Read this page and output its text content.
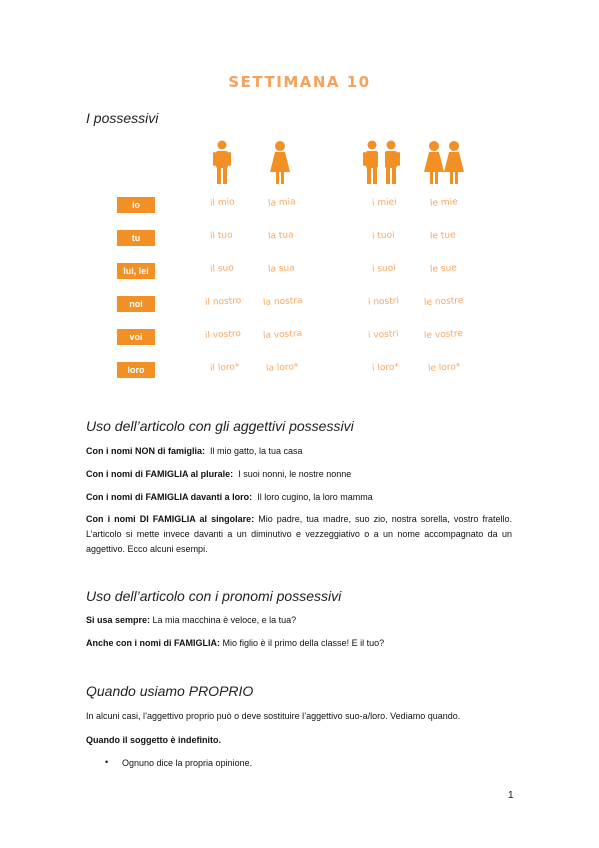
SETTIMANA 10
I possessivi
io
tu
lui, lei
noi
voi
loro
il mio
il tuo
il suo
il nostro
il vostro
il loro*
la mia
la tua
la sua
la nostra
la vostra
la loro*
i miei
i tuoi
i suoi
i nostri
i vostri
i loro*
le mie
le tue
le sue
le nostre
le vostre
le loro*
Uso dell’articolo con gli aggettivi possessivi
Con i nomi NON di famiglia: Il mio gatto, la tua casa
Con i nomi di FAMIGLIA al plurale: I suoi nonni, le nostre nonne
Con i nomi di FAMIGLIA davanti a loro: Il loro cugino, la loro mamma
Con i nomi DI FAMIGLIA al singolare: Mio padre, tua madre, suo zio, nostra sorella, vostro fratello. L’articolo si mette invece davanti a un diminutivo e vezzeggiativo o a un nome accompagnato da un aggettivo. Ecco alcuni esempi.
Uso dell’articolo con i pronomi possessivi
Si usa sempre: La mia macchina è veloce, e la tua?
Anche con i nomi di FAMIGLIA: Mio figlio è il primo della classe! E il tuo?
Quando usiamo PROPRIO
In alcuni casi, l’aggettivo proprio può o deve sostituire l’aggettivo suo-a/loro. Vediamo quando.
Quando il soggetto è indefinito.
• Ognuno dice la propria opinione.
1
